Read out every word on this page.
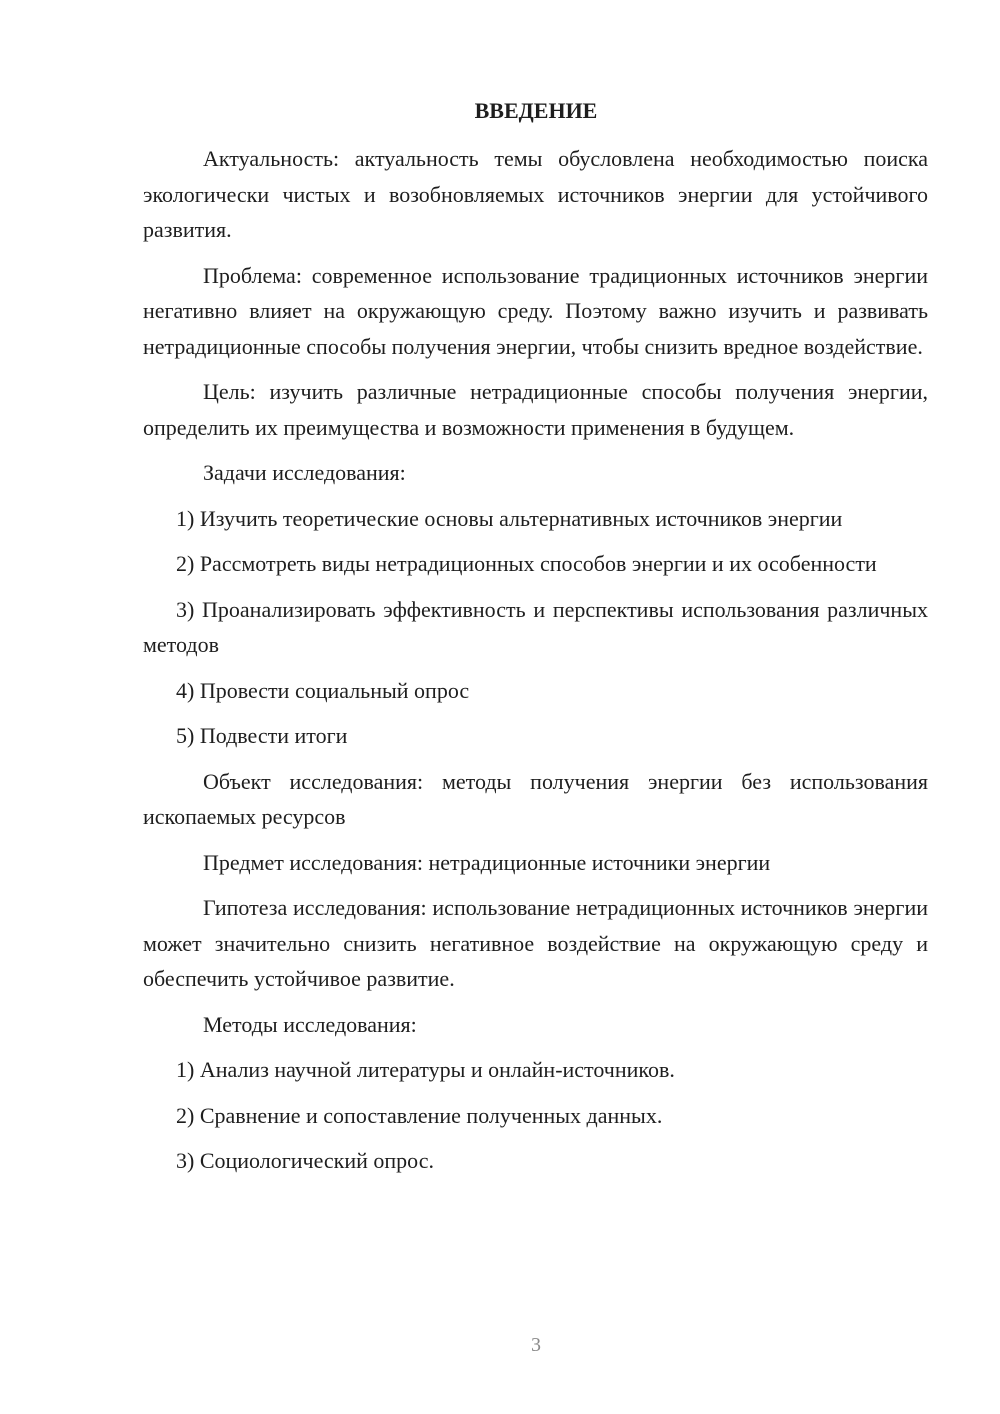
ВВЕДЕНИЕ

Актуальность: актуальность темы обусловлена необходимостью поиска экологически чистых и возобновляемых источников энергии для устойчивого развития.

Проблема: современное использование традиционных источников энергии негативно влияет на окружающую среду. Поэтому важно изучить и развивать нетрадиционные способы получения энергии, чтобы снизить вредное воздействие.

Цель: изучить различные нетрадиционные способы получения энергии, определить их преимущества и возможности применения в будущем.

Задачи исследования:

1) Изучить теоретические основы альтернативных источников энергии

2) Рассмотреть виды нетрадиционных способов энергии и их особенности

3) Проанализировать эффективность и перспективы использования различных методов

4) Провести социальный опрос

5) Подвести итоги

Объект исследования: методы получения энергии без использования ископаемых ресурсов

Предмет исследования: нетрадиционные источники энергии

Гипотеза исследования: использование нетрадиционных источников энергии может значительно снизить негативное воздействие на окружающую среду и обеспечить устойчивое развитие.

Методы исследования:

1) Анализ научной литературы и онлайн-источников.

2) Сравнение и сопоставление полученных данных.

3) Социологический опрос.

3
